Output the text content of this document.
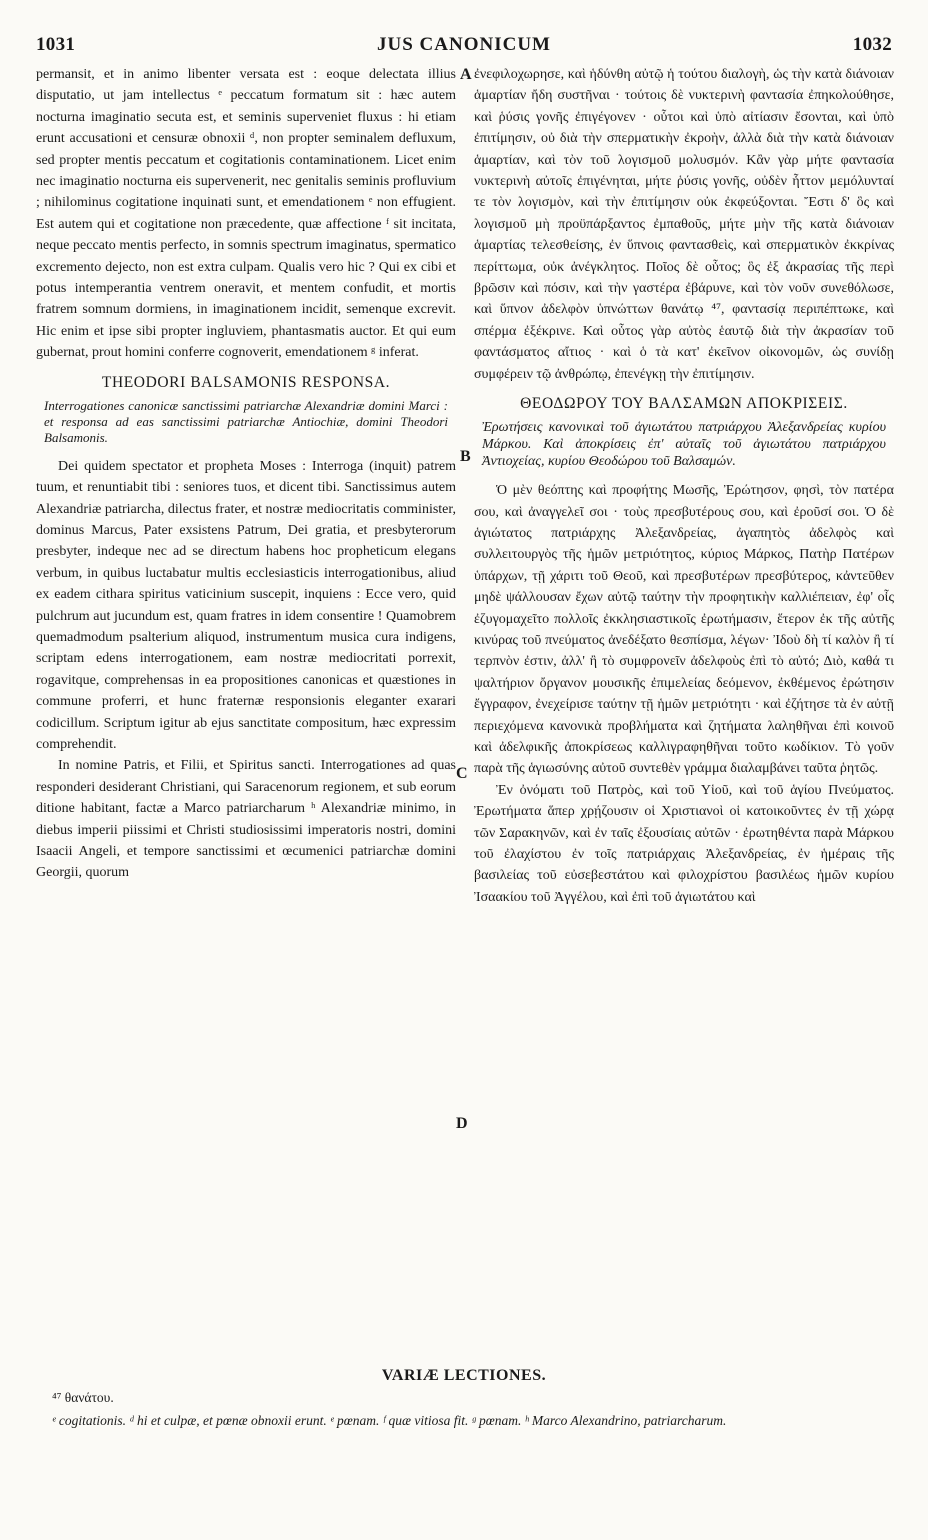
1031	JUS CANONICUM	1032
A
B
C
D

permansit, et in animo libenter versata est : eoque delectata illius disputatio, ut jam intellectus ᵉ peccatum formatum sit : hæc autem nocturna imaginatio secuta est, et seminis superveniet fluxus : hi etiam erunt accusationi et censuræ obnoxii ᵈ, non propter seminalem defluxum, sed propter mentis peccatum et cogitationis contaminationem. Licet enim nec imaginatio nocturna eis supervenerit, nec genitalis seminis profluvium ; nihilominus cogitatione inquinati sunt, et emendationem ᵉ non effugient. Est autem qui et cogitatione non præcedente, quæ affectione ᶠ sit incitata, neque peccato mentis perfecto, in somnis spectrum imaginatus, spermatico excremento dejecto, non est extra culpam. Qualis vero hic ? Qui ex cibi et potus intemperantia ventrem oneravit, et mentem confudit, et mortis fratrem somnum dormiens, in imaginationem incidit, semenque excrevit. Hic enim et ipse sibi propter ingluviem, phantasmatis auctor. Et qui eum gubernat, prout homini conferre cognoverit, emendationem ᵍ inferat.

THEODORI BALSAMONIS RESPONSA.
Interrogationes canonicæ sanctissimi patriarchæ Alexandriæ domini Marci : et responsa ad eas sanctissimi patriarchæ Antiochiæ, domini Theodori Balsamonis.

Dei quidem spectator et propheta Moses : Interroga (inquit) patrem tuum, et renuntiabit tibi : seniores tuos, et dicent tibi. Sanctissimus autem Alexandriæ patriarcha, dilectus frater, et nostræ mediocritatis comminister, dominus Marcus, Pater exsistens Patrum, Dei gratia, et presbyterorum presbyter, indeque nec ad se directum habens hoc propheticum elegans verbum, in quibus luctabatur multis ecclesiasticis interrogationibus, aliud ex eadem cithara spiritus vaticinium suscepit, inquiens : Ecce vero, quid pulchrum aut jucundum est, quam fratres in idem consentire ! Quamobrem quemadmodum psalterium aliquod, instrumentum musica cura indigens, scriptam edens interrogationem, eam nostræ mediocritati porrexit, rogavitque, comprehensas in ea propositiones canonicas et quæstiones in commune proferri, et hunc fraternæ responsionis eleganter exarari codicillum. Scriptum igitur ab ejus sanctitate compositum, hæc expressim comprehendit.

In nomine Patris, et Filii, et Spiritus sancti. Interrogationes ad quas responderi desiderant Christiani, qui Saracenorum regionem, et sub eorum ditione habitant, factæ a Marco patriarcharum ʰ Alexandriæ minimo, in diebus imperii piissimi et Christi studiosissimi imperatoris nostri, domini Isaacii Angeli, et tempore sanctissimi et œcumenici patriarchæ domini Georgii, quorum

ἐνεφιλοχωρησε, καὶ ἡδύνθη αὐτῷ ἡ τούτου διαλογὴ, ὡς τὴν κατὰ διάνοιαν ἁμαρτίαν ἤδη συστῆναι · τούτοις δὲ νυκτερινὴ φαντασία ἐπηκολούθησε, καὶ ῥύσις γονῆς ἐπιγέγονεν · οὗτοι καὶ ὑπὸ αἰτίασιν ἔσονται, καὶ ὑπὸ ἐπιτίμησιν, οὐ διὰ τὴν σπερματικὴν ἐκροὴν, ἀλλὰ διὰ τὴν κατὰ διάνοιαν ἁμαρτίαν, καὶ τὸν τοῦ λογισμοῦ μολυσμόν. Κἂν γὰρ μήτε φαντασία νυκτερινὴ αὐτοῖς ἐπιγένηται, μήτε ῥύσις γονῆς, οὐδὲν ἧττον μεμόλυνταί τε τὸν λογισμὸν, καὶ τὴν ἐπιτίμησιν οὐκ ἐκφεύξονται. Ἔστι δ' ὃς καὶ λογισμοῦ μὴ προϋπάρξαντος ἐμπαθοῦς, μήτε μὴν τῆς κατὰ διάνοιαν ἁμαρτίας τελεσθείσης, ἐν ὕπνοις φαντασθεὶς, καὶ σπερματικὸν ἐκκρίνας περίττωμα, οὐκ ἀνέγκλητος. Ποῖος δὲ οὗτος; ὃς ἐξ ἀκρασίας τῆς περὶ βρῶσιν καὶ πόσιν, καὶ τὴν γαστέρα ἐβάρυνε, καὶ τὸν νοῦν συνεθόλωσε, καὶ ὕπνον ἀδελφὸν ὑπνώττων θανάτῳ ⁴⁷, φαντασίᾳ περιπέπτωκε, καὶ σπέρμα ἐξέκρινε. Καὶ οὗτος γὰρ αὐτὸς ἑαυτῷ διὰ τὴν ἀκρασίαν τοῦ φαντάσματος αἴτιος · καὶ ὁ τὰ κατ' ἐκεῖνον οἰκονομῶν, ὡς συνίδῃ συμφέρειν τῷ ἀνθρώπῳ, ἐπενέγκῃ τὴν ἐπιτίμησιν.

ΘΕΟΔΩΡΟΥ ΤΟΥ ΒΑΛΣΑΜΩΝ ΑΠΟΚΡΙΣΕΙΣ.
Ἐρωτήσεις κανονικαὶ τοῦ ἁγιωτάτου πατριάρχου Ἀλεξανδρείας κυρίου Μάρκου. Καὶ ἀποκρίσεις ἐπ' αὐταῖς τοῦ ἁγιωτάτου πατριάρχου Ἀντιοχείας, κυρίου Θεοδώρου τοῦ Βαλσαμών.

Ὁ μὲν θεόπτης καὶ προφήτης Μωσῆς, Ἐρώτησον, φησὶ, τὸν πατέρα σου, καὶ ἀναγγελεῖ σοι · τοὺς πρεσβυτέρους σου, καὶ ἐροῦσί σοι. Ὁ δὲ ἁγιώτατος πατριάρχης Ἀλεξανδρείας, ἀγαπητὸς ἀδελφὸς καὶ συλλειτουργὸς τῆς ἡμῶν μετριότητος, κύριος Μάρκος, Πατὴρ Πατέρων ὑπάρχων, τῇ χάριτι τοῦ Θεοῦ, καὶ πρεσβυτέρων πρεσβύτερος, κἀντεῦθεν μηδὲ ψάλλουσαν ἔχων αὐτῷ ταύτην τὴν προφητικὴν καλλιέπειαν, ἐφ' οἷς ἐζυγομαχεῖτο πολλοῖς ἐκκλησιαστικοῖς ἐρωτήμασιν, ἕτερον ἐκ τῆς αὐτῆς κινύρας τοῦ πνεύματος ἀνεδέξατο θεσπίσμα, λέγων· Ἰδοὺ δὴ τί καλὸν ἢ τί τερπνὸν ἐστιν, ἀλλ' ἢ τὸ συμφρονεῖν ἀδελφοὺς ἐπὶ τὸ αὐτό; Διὸ, καθά τι ψαλτήριον ὄργανον μουσικῆς ἐπιμελείας δεόμενον, ἐκθέμενος ἐρώτησιν ἔγγραφον, ἐνεχείρισε ταύτην τῇ ἡμῶν μετριότητι · καὶ ἐζήτησε τὰ ἐν αὐτῇ περιεχόμενα κανονικὰ προβλήματα καὶ ζητήματα λαληθῆναι ἐπὶ κοινοῦ καὶ ἀδελφικῆς ἀποκρίσεως καλλιγραφηθῆναι τοῦτο κωδίκιον. Τὸ γοῦν παρὰ τῆς ἁγιωσύνης αὐτοῦ συντεθὲν γράμμα διαλαμβάνει ταῦτα ῥητῶς.

Ἐν ὀνόματι τοῦ Πατρὸς, καὶ τοῦ Υἱοῦ, καὶ τοῦ ἁγίου Πνεύματος. Ἐρωτήματα ἅπερ χρῄζουσιν οἱ Χριστιανοὶ οἱ κατοικοῦντες ἐν τῇ χώρᾳ τῶν Σαρακηνῶν, καὶ ἐν ταῖς ἐξουσίαις αὐτῶν · ἐρωτηθέντα παρὰ Μάρκου τοῦ ἐλαχίστου ἐν τοῖς πατριάρχαις Ἀλεξανδρείας, ἐν ἡμέραις τῆς βασιλείας τοῦ εὐσεβεστάτου καὶ φιλοχρίστου βασιλέως ἡμῶν κυρίου Ἰσαακίου τοῦ Ἀγγέλου, καὶ ἐπὶ τοῦ ἁγιωτάτου καὶ

VARIÆ LECTIONES.
⁴⁷ θανάτου.
ᵉ cogitationis. ᵈ hi et culpæ, et pœnæ obnoxii erunt. ᵉ pœnam. ᶠ quæ vitiosa fit. ᵍ pœnam. ʰ Marco Alexandrino, patriarcharum.
